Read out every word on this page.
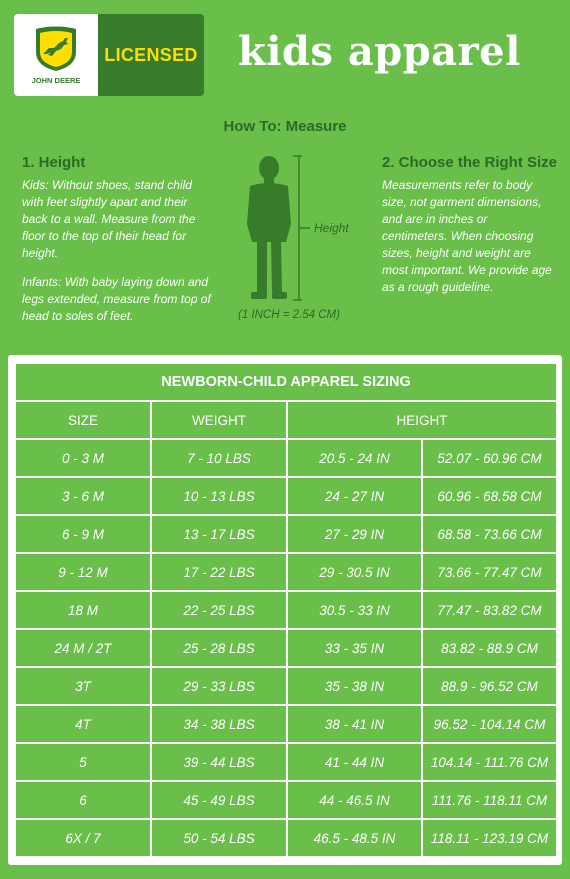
JOHN DEERE
LICENSED kids apparel
How To: Measure
1. Height
Kids: Without shoes, stand child with feet slightly apart and their back to a wall. Measure from the floor to the top of their head for height.
Infants: With baby laying down and legs extended, measure from top of head to soles of feet.
Height
(1 INCH = 2.54 CM)
2. Choose the Right Size
Measurements refer to body size, not garment dimensions, and are in inches or centimeters. When choosing sizes, height and weight are most important. We provide age as a rough guideline.
NEWBORN-CHILD APPAREL SIZING			
SIZE	WEIGHT	HEIGHT	
0 - 3 M	7 - 10 LBS	20.5 - 24 IN	52.07 - 60.96 CM
3 - 6 M	10 - 13 LBS	24 - 27 IN	60.96 - 68.58 CM
6 - 9 M	13 - 17 LBS	27 - 29 IN	68.58 - 73.66 CM
9 - 12 M	17 - 22 LBS	29 - 30.5 IN	73.66 - 77.47 CM
18 M	22 - 25 LBS	30.5 - 33 IN	77.47 - 83.82 CM
24 M / 2T	25 - 28 LBS	33 - 35 IN	83.82 - 88.9 CM
3T	29 - 33 LBS	35 - 38 IN	88.9 - 96.52 CM
4T	34 - 38 LBS	38 - 41 IN	96.52 - 104.14 CM
5	39 - 44 LBS	41 - 44 IN	104.14 - 111.76 CM
6	45 - 49 LBS	44 - 46.5 IN	111.76 - 118.11 CM
6X / 7	50 - 54 LBS	46.5 - 48.5 IN	118.11 - 123.19 CM
